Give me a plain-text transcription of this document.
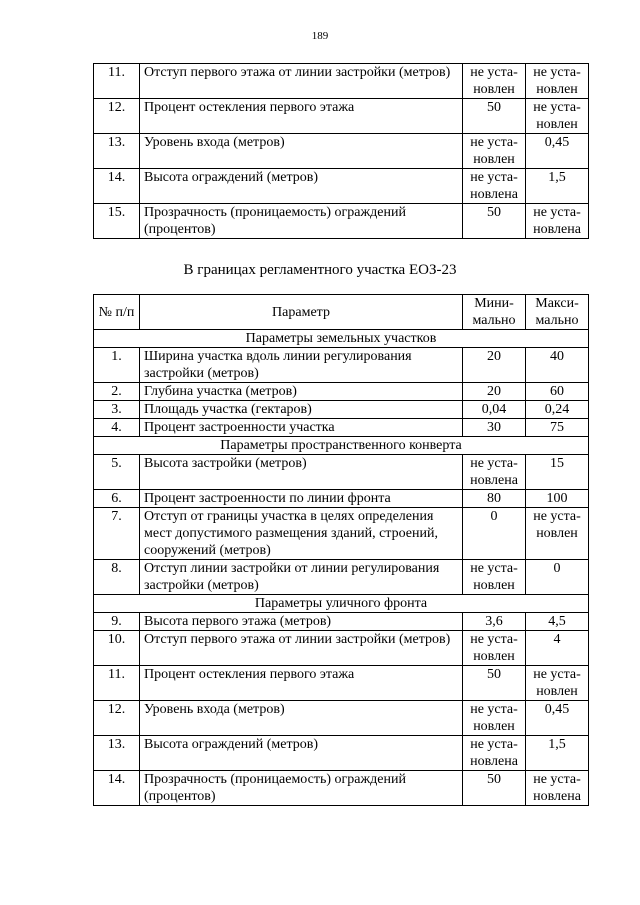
189
11.	Отступ первого этажа от линии застройки (метров)	не уста-новлен	не уста-новлен
12.	Процент остекления первого этажа	50	не уста-новлен
13.	Уровень входа (метров)	не уста-новлен	0,45
14.	Высота ограждений (метров)	не уста-новлена	1,5
15.	Прозрачность (проницаемость) ограждений (процентов)	50	не уста-новлена
В границах регламентного участка ЕОЗ-23
№ п/п	Параметр	Мини-мально	Макси-мально
Параметры земельных участков			
1.	Ширина участка вдоль линии регулирования застройки (метров)	20	40
2.	Глубина участка (метров)	20	60
3.	Площадь участка (гектаров)	0,04	0,24
4.	Процент застроенности участка	30	75
Параметры пространственного конверта			
5.	Высота застройки (метров)	не уста-новлена	15
6.	Процент застроенности по линии фронта	80	100
7.	Отступ от границы участка в целях определения мест допустимого размещения зданий, строений, сооружений (метров)	0	не уста-новлен
8.	Отступ линии застройки от линии регулирования застройки (метров)	не уста-новлен	0
Параметры уличного фронта			
9.	Высота первого этажа (метров)	3,6	4,5
10.	Отступ первого этажа от линии застройки (метров)	не уста-новлен	4
11.	Процент остекления первого этажа	50	не уста-новлен
12.	Уровень входа (метров)	не уста-новлен	0,45
13.	Высота ограждений (метров)	не уста-новлена	1,5
14.	Прозрачность (проницаемость) ограждений (процентов)	50	не уста-новлена
